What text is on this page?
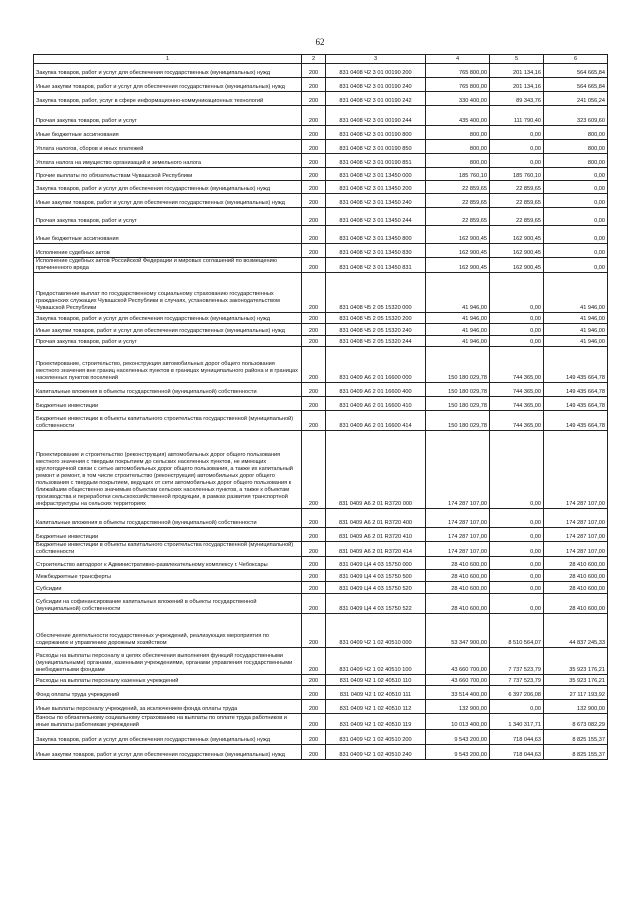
62
1	2	3	4	5	6
Закупка товаров, работ и услуг для обеспечения государственных (муниципальных) нужд	200	831 0408 Ч2 3 01 00190 200	765 800,00	201 134,16	564 665,84
Иные закупки товаров, работ и услуг для обеспечения государственных (муниципальных) нужд	200	831 0408 Ч2 3 01 00190 240	765 800,00	201 134,16	564 665,84
Закупка товаров, работ, услуг в сфере информационно-коммуникационных технологий	200	831 0408 Ч2 3 01 00190 242	330 400,00	89 343,76	241 056,24
Прочая закупка товаров, работ и услуг	200	831 0408 Ч2 3 01 00190 244	435 400,00	111 790,40	323 609,60
Иные бюджетные ассигнования	200	831 0408 Ч2 3 01 00190 800	800,00	0,00	800,00
Уплата налогов, сборов и иных платежей	200	831 0408 Ч2 3 01 00190 850	800,00	0,00	800,00
Уплата налога на имущество организаций и земельного налога	200	831 0408 Ч2 3 01 00190 851	800,00	0,00	800,00
Прочие выплаты по обязательствам Чувашской Республики	200	831 0408 Ч2 3 01 13450 000	185 760,10	185 760,10	0,00
Закупка товаров, работ и услуг для обеспечения государственных (муниципальных) нужд	200	831 0408 Ч2 3 01 13450 200	22 859,65	22 859,65	0,00
Иные закупки товаров, работ и услуг для обеспечения государственных (муниципальных) нужд	200	831 0408 Ч2 3 01 13450 240	22 859,65	22 859,65	0,00
Прочая закупка товаров, работ и услуг	200	831 0408 Ч2 3 01 13450 244	22 859,65	22 859,65	0,00
Иные бюджетные ассигнования	200	831 0408 Ч2 3 01 13450 800	162 900,45	162 900,45	0,00
Исполнение судебных актов	200	831 0408 Ч2 3 01 13450 830	162 900,45	162 900,45	0,00
Исполнение судебных актов Российской Федерации и мировых соглашений по возмещению причиненного вреда	200	831 0408 Ч2 3 01 13450 831	162 900,45	162 900,45	0,00
Предоставление выплат по государственному социальному страхованию государственных гражданских служащих Чувашской Республики в случаях, установленных законодательством Чувашской Республики	200	831 0408 Ч5 2 05 15320 000	41 946,00	0,00	41 946,00
Закупка товаров, работ и услуг для обеспечения государственных (муниципальных) нужд	200	831 0408 Ч5 2 05 15320 200	41 946,00	0,00	41 946,00
Иные закупки товаров, работ и услуг для обеспечения государственных (муниципальных) нужд	200	831 0408 Ч5 2 05 15320 240	41 946,00	0,00	41 946,00
Прочая закупка товаров, работ и услуг	200	831 0408 Ч5 2 05 15320 244	41 946,00	0,00	41 946,00
Проектирование, строительство, реконструкция автомобильных дорог общего пользования местного значения вне границ населенных пунктов в границах муниципального района и в границах населенных пунктов поселений	200	831 0409 А6 2 01 16600 000	150 180 029,78	744 365,00	149 435 664,78
Капитальные вложения в объекты государственной (муниципальной) собственности	200	831 0409 А6 2 01 16600 400	150 180 029,78	744 365,00	149 435 664,78
Бюджетные инвестиции	200	831 0409 А6 2 01 16600 410	150 180 029,78	744 365,00	149 435 664,78
Бюджетные инвестиции в объекты капитального строительства государственной (муниципальной) собственности	200	831 0409 А6 2 01 16600 414	150 180 029,78	744 365,00	149 435 664,78
Проектирование и строительство (реконструкция) автомобильных дорог общего пользования местного значения с твердым покрытием до сельских населенных пунктов, не имеющих круглогодичной связи с сетью автомобильных дорог общего пользования, а также их капитальный ремонт и ремонт, в том числе строительство (реконструкция) автомобильных дорог общего пользования с твердым покрытием, ведущих от сети автомобильных дорог общего пользования к ближайшим общественно значимым объектам сельских населенных пунктов, а также к объектам производства и переработки сельскохозяйственной продукции, в рамках развития транспортной инфраструктуры на сельских территориях	200	831 0409 А6 2 01 R3720 000	174 287 107,00	0,00	174 287 107,00
Капитальные вложения в объекты государственной (муниципальной) собственности	200	831 0409 А6 2 01 R3720 400	174 287 107,00	0,00	174 287 107,00
Бюджетные инвестиции	200	831 0409 А6 2 01 R3720 410	174 287 107,00	0,00	174 287 107,00
Бюджетные инвестиции в объекты капитального строительства государственной (муниципальной) собственности	200	831 0409 А6 2 01 R3720 414	174 287 107,00	0,00	174 287 107,00
Строительство автодорог к Административно-развлекательному комплексу г. Чебоксары	200	831 0409 Ц4 4 03 15750 000	28 410 600,00	0,00	28 410 600,00
Межбюджетные трансферты	200	831 0409 Ц4 4 03 15750 500	28 410 600,00	0,00	28 410 600,00
Субсидии	200	831 0409 Ц4 4 03 15750 520	28 410 600,00	0,00	28 410 600,00
Субсидии на софинансирование капитальных вложений в объекты государственной (муниципальной) собственности	200	831 0409 Ц4 4 03 15750 522	28 410 600,00	0,00	28 410 600,00
Обеспечение деятельности государственных учреждений, реализующих мероприятия по содержанию и управлению дорожным хозяйством	200	831 0409 Ч2 1 02 40510 000	53 347 900,00	8 510 564,07	44 837 245,33
Расходы на выплаты персоналу в целях обеспечения выполнения функций государственными (муниципальными) органами, казенными учреждениями, органами управления государственными внебюджетными фондами	200	831 0409 Ч2 1 02 40510 100	43 660 700,00	7 737 523,79	35 923 176,21
Расходы на выплаты персоналу казенных учреждений	200	831 0409 Ч2 1 02 40510 110	43 660 700,00	7 737 523,79	35 923 176,21
Фонд оплаты труда учреждений	200	831 0409 Ч2 1 02 40510 111	33 514 400,00	6 397 206,08	27 117 193,92
Иные выплаты персоналу учреждений, за исключением фонда оплаты труда	200	831 0409 Ч2 1 02 40510 112	132 900,00	0,00	132 900,00
Взносы по обязательному социальному страхованию на выплаты по оплате труда работников и иные выплаты работникам учреждений	200	831 0409 Ч2 1 02 40510 119	10 013 400,00	1 340 317,71	8 673 082,29
Закупка товаров, работ и услуг для обеспечения государственных (муниципальных) нужд	200	831 0409 Ч2 1 02 40510 200	9 543 200,00	718 044,63	8 825 155,37
Иные закупки товаров, работ и услуг для обеспечения государственных (муниципальных) нужд	200	831 0409 Ч2 1 02 40510 240	9 543 200,00	718 044,63	8 825 155,37
